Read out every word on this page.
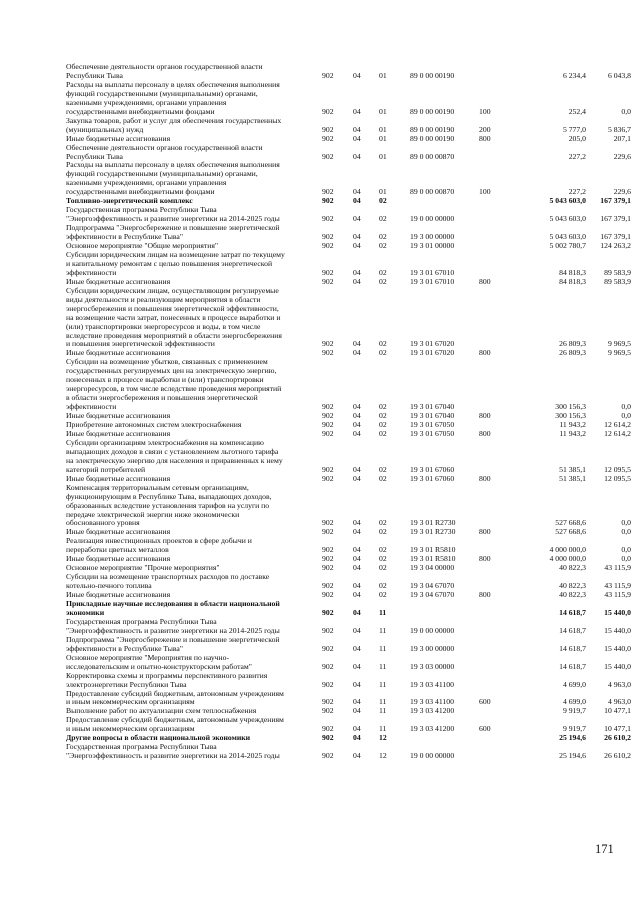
Обеспечение деятельности органов государственной власти
Республики Тыва	902	04 01	89 0 00 00190	6 234,4	6 043,8
Расходы на выплаты персоналу в целях обеспечения выполнения
функций государственными (муниципальными) органами,
казенными учреждениями, органами управления
государственными внебюджетными фондами	902	04 01	89 0 00 00190	100	252,4	0,0
Закупка товаров, работ и услуг для обеспечения государственных
(муниципальных) нужд	902	04 01	89 0 00 00190	200	5 777,0	5 836,7
Иные бюджетные ассигнования	902	04 01	89 0 00 00190	800	205,0	207,1
Обеспечение деятельности органов государственной власти
Республики Тыва	902	04 01	89 0 00 00870	227,2	229,6
Расходы на выплаты персоналу в целях обеспечения выполнения
функций государственными (муниципальными) органами,
казенными учреждениями, органами управления
государственными внебюджетными фондами	902	04 01	89 0 00 00870	100	227,2	229,6
Топливно-энергетический комплекс	902	04 02	5 043 603,0	167 379,1
Государственная программа Республики Тыва
"Энергоэффективность и развитие энергетики на 2014-2025 годы	902	04 02	19 0 00 00000	5 043 603,0	167 379,1
Подпрограмма "Энергосбережение и повышение энергетической
эффективности в Республике Тыва"	902	04 02	19 3 00 00000	5 043 603,0	167 379,1
Основное мероприятие "Общие мероприятия"	902	04 02	19 3 01 00000	5 002 780,7	124 263,2
Субсидии юридическим лицам на возмещение затрат по текущему
и капитальному ремонтам с целью повышения энергетической
эффективности	902	04 02	19 3 01 67010	84 818,3	89 583,9
Иные бюджетные ассигнования	902	04 02	19 3 01 67010	800	84 818,3	89 583,9
Субсидии юридическим лицам, осуществляющим регулируемые
виды деятельности и реализующим мероприятия в области
энергосбережения и повышения энергетической эффективности,
на возмещение части затрат, понесенных в процессе выработки и
(или) транспортировки энергоресурсов и воды, в том числе
вследствие проведения мероприятий в области энергосбережения
и повышения энергетической эффективности	902	04 02	19 3 01 67020	26 809,3	9 969,5
Иные бюджетные ассигнования	902	04 02	19 3 01 67020	800	26 809,3	9 969,5
Субсидии на возмещение убытков, связанных с применением
государственных регулируемых цен на электрическую энергию,
понесенных в процессе выработки и (или) транспортировки
энергоресурсов, в том числе вследствие проведения мероприятий
в области энергосбережения и повышения энергетической
эффективности	902	04 02	19 3 01 67040	300 156,3	0,0
Иные бюджетные ассигнования	902	04 02	19 3 01 67040	800	300 156,3	0,0
Приобретение автономных систем электроснабжения	902	04 02	19 3 01 67050	11 943,2	12 614,2
Иные бюджетные ассигнования	902	04 02	19 3 01 67050	800	11 943,2	12 614,2
Субсидии организациям электроснабжения на компенсацию
выпадающих доходов в связи с установлением льготного тарифа
на электрическую энергию для населения и приравненных к нему
категорий потребителей	902	04 02	19 3 01 67060	51 385,1	12 095,5
Иные бюджетные ассигнования	902	04 02	19 3 01 67060	800	51 385,1	12 095,5
Компенсация территориальным сетевым организациям,
функционирующим в Республике Тыва, выпадающих доходов,
образованных вследствие установления тарифов на услуги по
передаче электрической энергии ниже экономически
обоснованного уровня	902	04 02	19 3 01 R2730	527 668,6	0,0
Иные бюджетные ассигнования	902	04 02	19 3 01 R2730	800	527 668,6	0,0
Реализация инвестиционных проектов в сфере добычи и
переработки цветных металлов	902	04 02	19 3 01 R5810	4 000 000,0	0,0
Иные бюджетные ассигнования	902	04 02	19 3 01 R5810	800	4 000 000,0	0,0
Основное мероприятие "Прочие мероприятия"	902	04 02	19 3 04 00000	40 822,3	43 115,9
Субсидии на возмещение транспортных расходов по доставке
котельно-печного топлива	902	04 02	19 3 04 67070	40 822,3	43 115,9
Иные бюджетные ассигнования	902	04 02	19 3 04 67070	800	40 822,3	43 115,9
Прикладные научные исследования в области национальной
экономики	902	04 11	14 618,7	15 440,0
Государственная программа Республики Тыва
"Энергоэффективность и развитие энергетики на 2014-2025 годы	902	04 11	19 0 00 00000	14 618,7	15 440,0
Подпрограмма "Энергосбережение и повышение энергетической
эффективности в Республике Тыва"	902	04 11	19 3 00 00000	14 618,7	15 440,0
Основное мероприятие "Мероприятия по научно-
исследовательским и опытно-конструкторским работам"	902	04 11	19 3 03 00000	14 618,7	15 440,0
Корректировка схемы и программы перспективного развития
электроэнергетики Республики Тыва	902	04 11	19 3 03 41100	4 699,0	4 963,0
Предоставление субсидий бюджетным, автономным учреждениям
и иным некоммерческим организациям	902	04 11	19 3 03 41100	600	4 699,0	4 963,0
Выполнение работ по актуализации схем теплоснабжения	902	04 11	19 3 03 41200	9 919,7	10 477,1
Предоставление субсидий бюджетным, автономным учреждениям
и иным некоммерческим организациям	902	04 11	19 3 03 41200	600	9 919,7	10 477,1
Другие вопросы в области национальной экономики	902	04 12	25 194,6	26 610,2
Государственная программа Республики Тыва
"Энергоэффективность и развитие энергетики на 2014-2025 годы	902	04 12	19 0 00 00000	25 194,6	26 610,2
171
